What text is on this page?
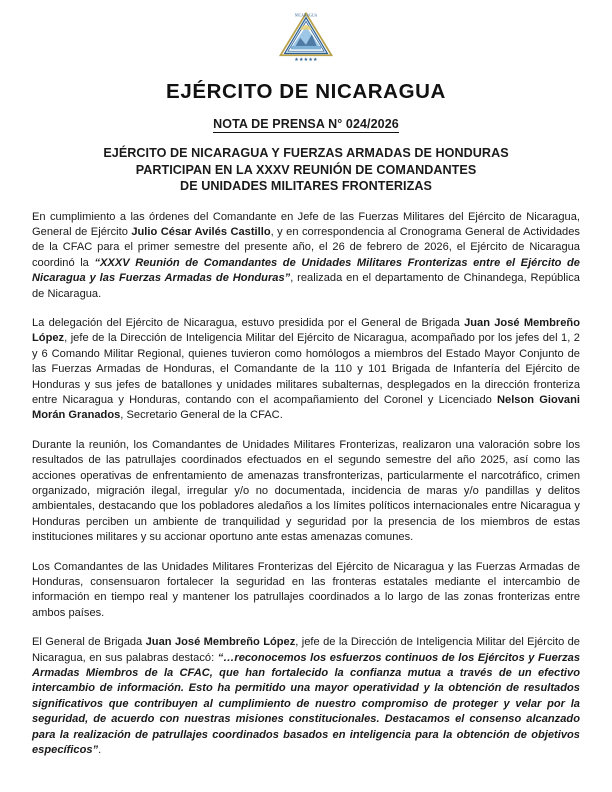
★★★★★
NICARAGUA
EJÉRCITO DE NICARAGUA
NOTA DE PRENSA N° 024/2026
EJÉRCITO DE NICARAGUA Y FUERZAS ARMADAS DE HONDURAS
PARTICIPAN EN LA XXXV REUNIÓN DE COMANDANTES
DE UNIDADES MILITARES FRONTERIZAS

En cumplimiento a las órdenes del Comandante en Jefe de las Fuerzas Militares del Ejército de Nicaragua, General de Ejército Julio César Avilés Castillo, y en correspondencia al Cronograma General de Actividades de la CFAC para el primer semestre del presente año, el 26 de febrero de 2026, el Ejército de Nicaragua coordinó la “XXXV Reunión de Comandantes de Unidades Militares Fronterizas entre el Ejército de Nicaragua y las Fuerzas Armadas de Honduras”, realizada en el departamento de Chinandega, República de Nicaragua.

La delegación del Ejército de Nicaragua, estuvo presidida por el General de Brigada Juan José Membreño López, jefe de la Dirección de Inteligencia Militar del Ejército de Nicaragua, acompañado por los jefes del 1, 2 y 6 Comando Militar Regional, quienes tuvieron como homólogos a miembros del Estado Mayor Conjunto de las Fuerzas Armadas de Honduras, el Comandante de la 110 y 101 Brigada de Infantería del Ejército de Honduras y sus jefes de batallones y unidades militares subalternas, desplegados en la dirección fronteriza entre Nicaragua y Honduras, contando con el acompañamiento del Coronel y Licenciado Nelson Giovani Morán Granados, Secretario General de la CFAC.

Durante la reunión, los Comandantes de Unidades Militares Fronterizas, realizaron una valoración sobre los resultados de las patrullajes coordinados efectuados en el segundo semestre del año 2025, así como las acciones operativas de enfrentamiento de amenazas transfronterizas, particularmente el narcotráfico, crimen organizado, migración ilegal, irregular y/o no documentada, incidencia de maras y/o pandillas y delitos ambientales, destacando que los pobladores aledaños a los límites políticos internacionales entre Nicaragua y Honduras perciben un ambiente de tranquilidad y seguridad por la presencia de los miembros de estas instituciones militares y su accionar oportuno ante estas amenazas comunes.

Los Comandantes de las Unidades Militares Fronterizas del Ejército de Nicaragua y las Fuerzas Armadas de Honduras, consensuaron fortalecer la seguridad en las fronteras estatales mediante el intercambio de información en tiempo real y mantener los patrullajes coordinados a lo largo de las zonas fronterizas entre ambos países.

El General de Brigada Juan José Membreño López, jefe de la Dirección de Inteligencia Militar del Ejército de Nicaragua, en sus palabras destacó: “…reconocemos los esfuerzos continuos de los Ejércitos y Fuerzas Armadas Miembros de la CFAC, que han fortalecido la confianza mutua a través de un efectivo intercambio de información. Esto ha permitido una mayor operatividad y la obtención de resultados significativos que contribuyen al cumplimiento de nuestro compromiso de proteger y velar por la seguridad, de acuerdo con nuestras misiones constitucionales. Destacamos el consenso alcanzado para la realización de patrullajes coordinados basados en inteligencia para la obtención de objetivos específicos”.
